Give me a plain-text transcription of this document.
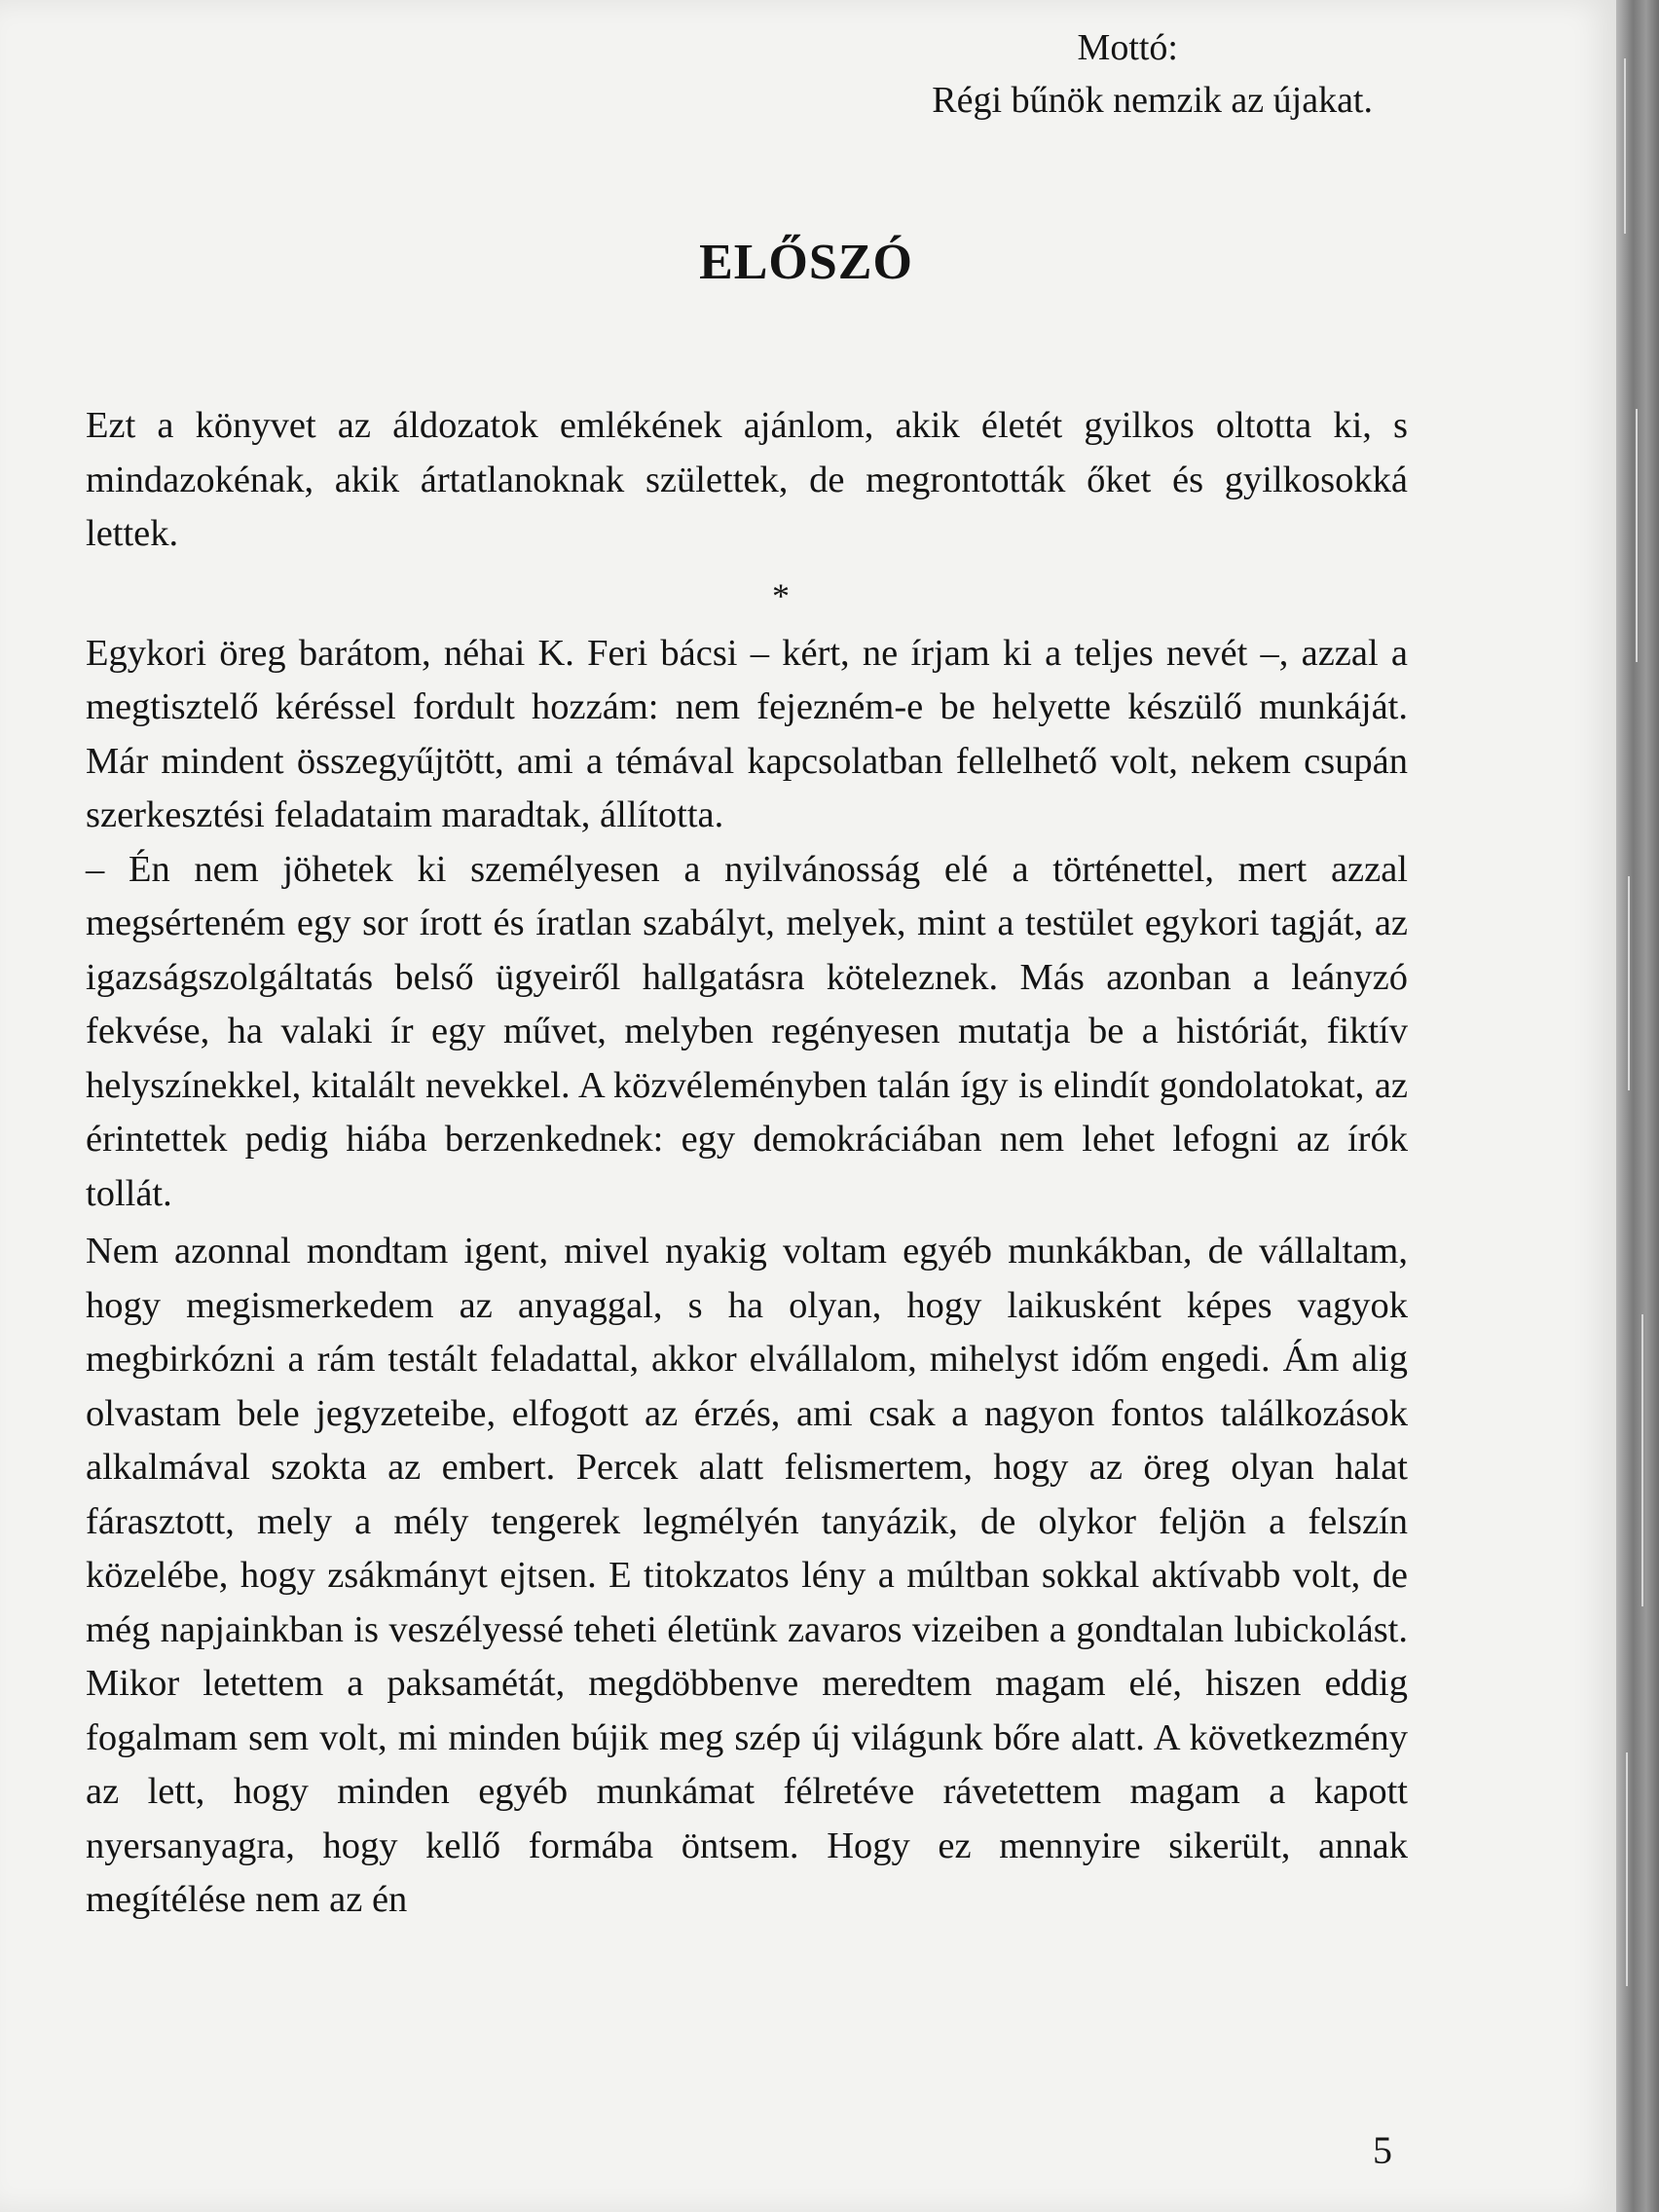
Mottó:
Régi bűnök nemzik az újakat.
ELŐSZÓ

Ezt a könyvet az áldozatok emlékének ajánlom, akik életét gyilkos oltotta ki, s mindazokénak, akik ártatlanoknak születtek, de megrontották őket és gyilkosokká lettek.

*

Egykori öreg barátom, néhai K. Feri bácsi – kért, ne írjam ki a teljes nevét –, azzal a megtisztelő kéréssel fordult hozzám: nem fejezném-e be helyette készülő munkáját. Már mindent összegyűjtött, ami a témával kapcsolatban fellelhető volt, nekem csupán szerkesztési feladataim maradtak, állította.

– Én nem jöhetek ki személyesen a nyilvánosság elé a történettel, mert azzal megsérteném egy sor írott és íratlan szabályt, melyek, mint a testület egykori tagját, az igazságszolgáltatás belső ügyeiről hallgatásra köteleznek. Más azonban a leányzó fekvése, ha valaki ír egy művet, melyben regényesen mutatja be a históriát, fiktív helyszínekkel, kitalált nevekkel. A közvéleményben talán így is elindít gondolatokat, az érintettek pedig hiába berzenkednek: egy demokráciában nem lehet lefogni az írók tollát.

Nem azonnal mondtam igent, mivel nyakig voltam egyéb munkákban, de vállaltam, hogy megismerkedem az anyaggal, s ha olyan, hogy laikusként képes vagyok megbirkózni a rám testált feladattal, akkor elvállalom, mihelyst időm engedi. Ám alig olvastam bele jegyzeteibe, elfogott az érzés, ami csak a nagyon fontos találkozások alkalmával szokta az embert. Percek alatt felismertem, hogy az öreg olyan halat fárasztott, mely a mély tengerek legmélyén tanyázik, de olykor feljön a felszín közelébe, hogy zsákmányt ejtsen. E titokzatos lény a múltban sokkal aktívabb volt, de még napjainkban is veszélyessé teheti életünk zavaros vizeiben a gondtalan lubickolást. Mikor letettem a paksamétát, megdöbbenve meredtem magam elé, hiszen eddig fogalmam sem volt, mi minden bújik meg szép új világunk bőre alatt. A következmény az lett, hogy minden egyéb munkámat félretéve rávetettem magam a kapott nyersanyagra, hogy kellő formába öntsem. Hogy ez mennyire sikerült, annak megítélése nem az én

5
